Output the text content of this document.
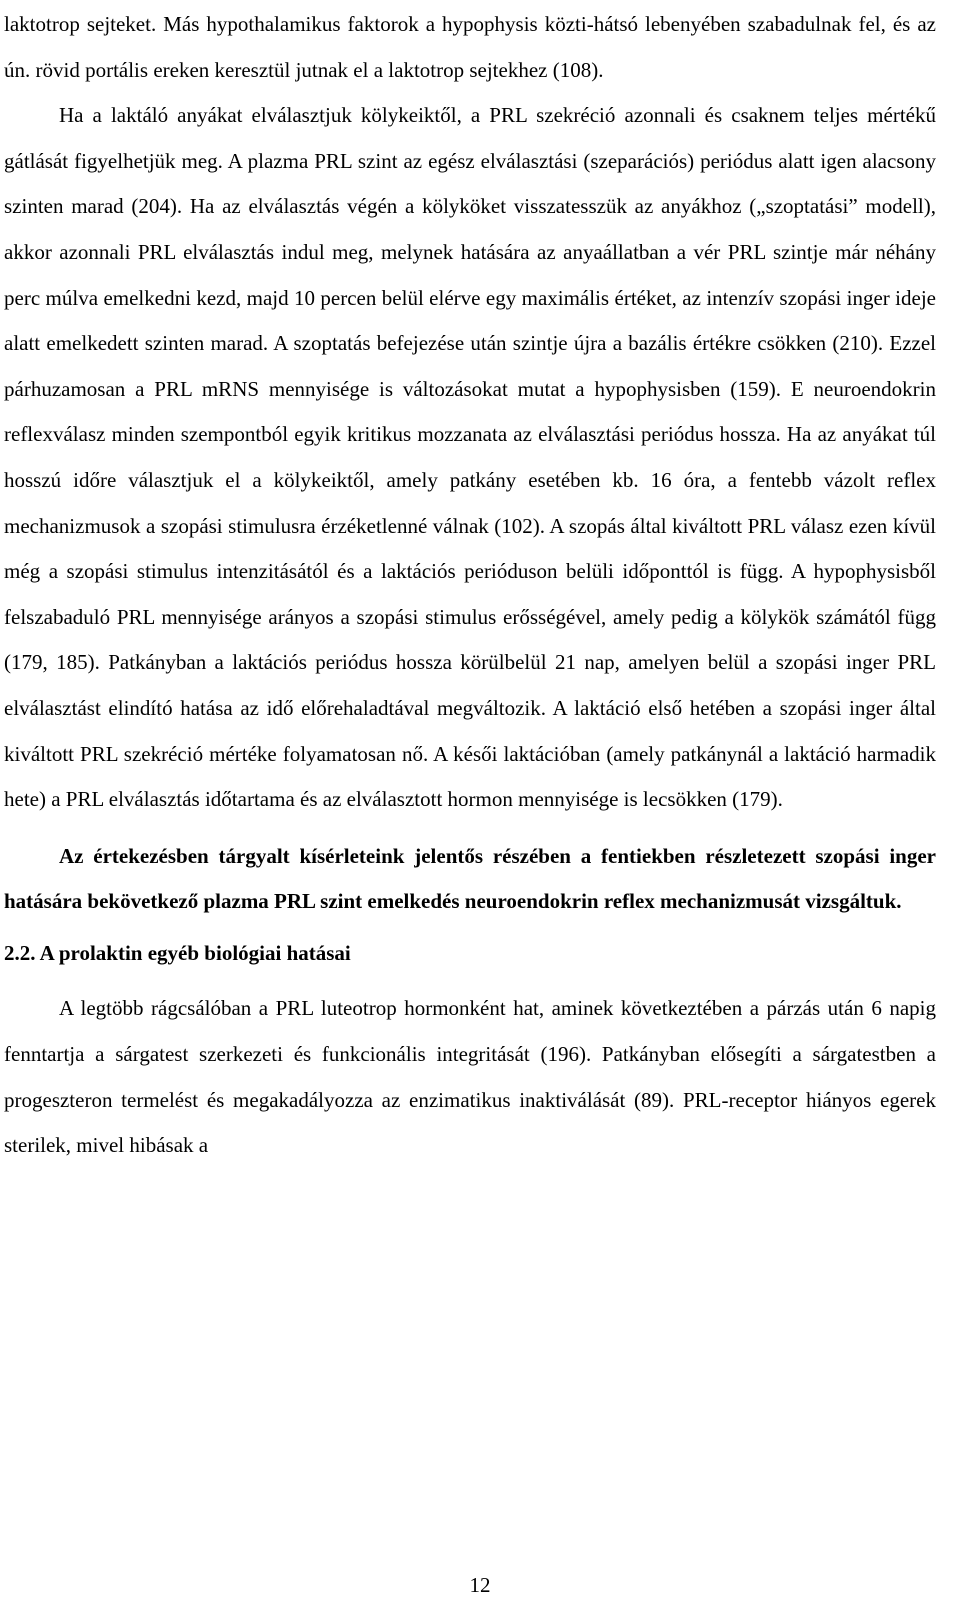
laktotrop sejteket. Más hypothalamikus faktorok a hypophysis közti-hátsó lebenyében szabadulnak fel, és az ún. rövid portális ereken keresztül jutnak el a laktotrop sejtekhez (108).

Ha a laktáló anyákat elválasztjuk kölykeiktől, a PRL szekréció azonnali és csaknem teljes mértékű gátlását figyelhetjük meg. A plazma PRL szint az egész elválasztási (szeparációs) periódus alatt igen alacsony szinten marad (204). Ha az elválasztás végén a kölyköket visszatesszük az anyákhoz („szoptatási” modell), akkor azonnali PRL elválasztás indul meg, melynek hatására az anyaállatban a vér PRL szintje már néhány perc múlva emelkedni kezd, majd 10 percen belül elérve egy maximális értéket, az intenzív szopási inger ideje alatt emelkedett szinten marad. A szoptatás befejezése után szintje újra a bazális értékre csökken (210). Ezzel párhuzamosan a PRL mRNS mennyisége is változásokat mutat a hypophysisben (159). E neuroendokrin reflexválasz minden szempontból egyik kritikus mozzanata az elválasztási periódus hossza. Ha az anyákat túl hosszú időre választjuk el a kölykeiktől, amely patkány esetében kb. 16 óra, a fentebb vázolt reflex mechanizmusok a szopási stimulusra érzéketlenné válnak (102). A szopás által kiváltott PRL válasz ezen kívül még a szopási stimulus intenzitásától és a laktációs perióduson belüli időponttól is függ. A hypophysisből felszabaduló PRL mennyisége arányos a szopási stimulus erősségével, amely pedig a kölykök számától függ (179, 185). Patkányban a laktációs periódus hossza körülbelül 21 nap, amelyen belül a szopási inger PRL elválasztást elindító hatása az idő előrehaladtával megváltozik. A laktáció első hetében a szopási inger által kiváltott PRL szekréció mértéke folyamatosan nő. A késői laktációban (amely patkánynál a laktáció harmadik hete) a PRL elválasztás időtartama és az elválasztott hormon mennyisége is lecsökken (179).

Az értekezésben tárgyalt kísérleteink jelentős részében a fentiekben részletezett szopási inger hatására bekövetkező plazma PRL szint emelkedés neuroendokrin reflex mechanizmusát vizsgáltuk.

2.2. A prolaktin egyéb biológiai hatásai

A legtöbb rágcsálóban a PRL luteotrop hormonként hat, aminek következtében a párzás után 6 napig fenntartja a sárgatest szerkezeti és funkcionális integritását (196). Patkányban elősegíti a sárgatestben a progeszteron termelést és megakadályozza az enzimatikus inaktiválását (89). PRL-receptor hiányos egerek sterilek, mivel hibásak a

12
